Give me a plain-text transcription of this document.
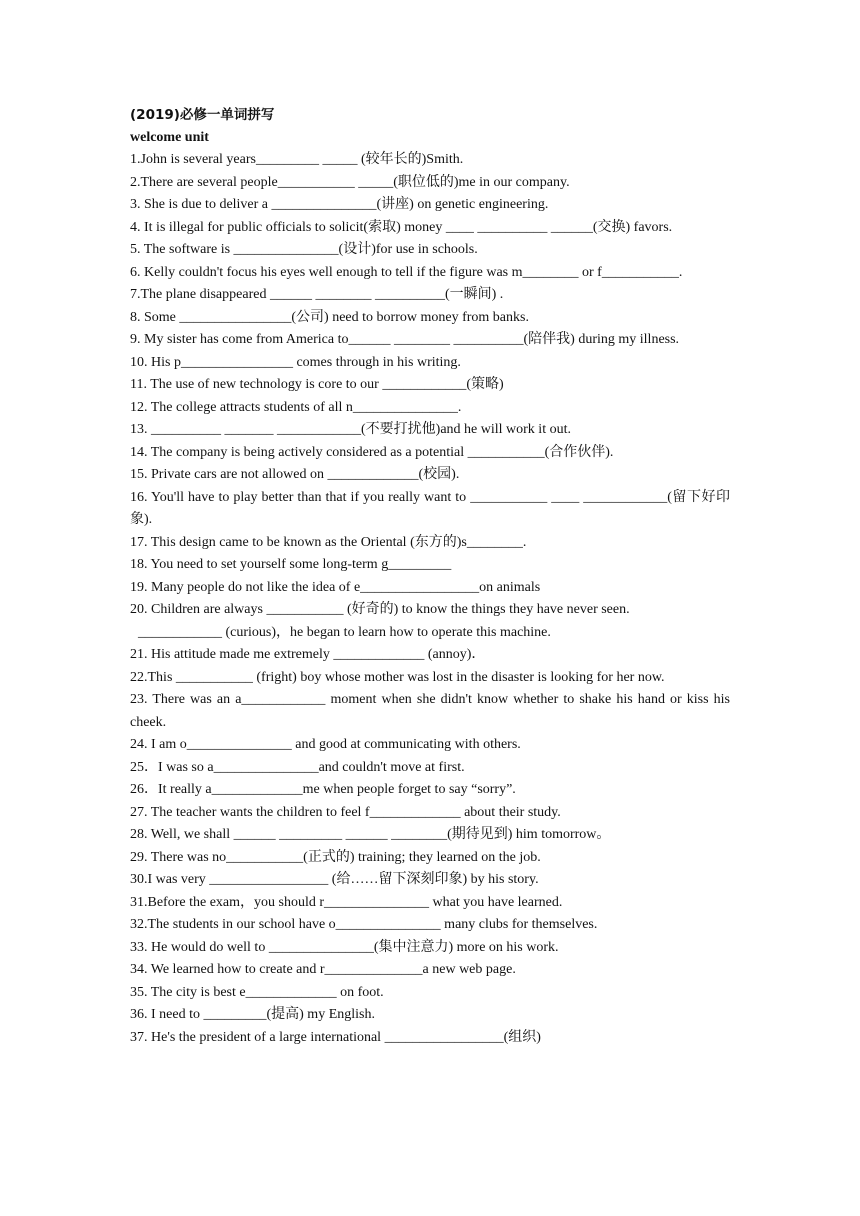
(2019)必修一单词拼写

welcome unit

1.John is several years_________ _____ (较年长的)Smith.

2.There are several people___________ _____(职位低的)me in our company.

3. She is due to deliver a _______________(讲座) on genetic engineering.

4. It is illegal for public officials to solicit(索取) money ____ __________ ______(交换) favors.

5. The software is _______________(设计)for use in schools.

6. Kelly couldn't focus his eyes well enough to tell if the figure was m________ or f___________.

7.The plane disappeared ______ ________ __________(一瞬间) .

8. Some ________________(公司) need to borrow money from banks.

9. My sister has come from America to______ ________ __________(陪伴我) during my illness.

10. His p________________ comes through in his writing.

11. The use of new technology is core to our ____________(策略)

12. The college attracts students of all n_______________.

13. __________ _______ ____________(不要打扰他)and he will work it out.

14. The company is being actively considered as a potential ___________(合作伙伴).

15. Private cars are not allowed on _____________(校园).

16. You'll have to play better than that if you really want to ___________ ____ ____________(留下好印象).

17. This design came to be known as the Oriental (东方的)s________.

18. You need to set yourself some long-term g_________

19. Many people do not like the idea of e_________________on animals

20. Children are always ___________ (好奇的) to know the things they have never seen.

____________ (curious)，he began to learn how to operate this machine.

21. His attitude made me extremely _____________ (annoy)．

22.This ___________ (fright) boy whose mother was lost in the disaster is looking for her now.

23. There was an a____________ moment when she didn't know whether to shake his hand or kiss his cheek.

24. I am o_______________ and good at communicating with others.

25．I was so a_______________and couldn't move at first.

26．It really a_____________me when people forget to say “sorry”.

27. The teacher wants the children to feel f_____________ about their study.

28. Well, we shall ______ _________ ______ ________(期待见到) him tomorrow。

29. There was no___________(正式的) training; they learned on the job.

30.I was very _________________ (给……留下深刻印象) by his story.

31.Before the exam，you should r_______________ what you have learned.

32.The students in our school have o_______________ many clubs for themselves.

33. He would do well to _______________(集中注意力) more on his work.

34. We learned how to create and r______________a new web page.

35. The city is best e_____________ on foot.

36. I need to _________(提高) my English.

37. He's the president of a large international _________________(组织)
